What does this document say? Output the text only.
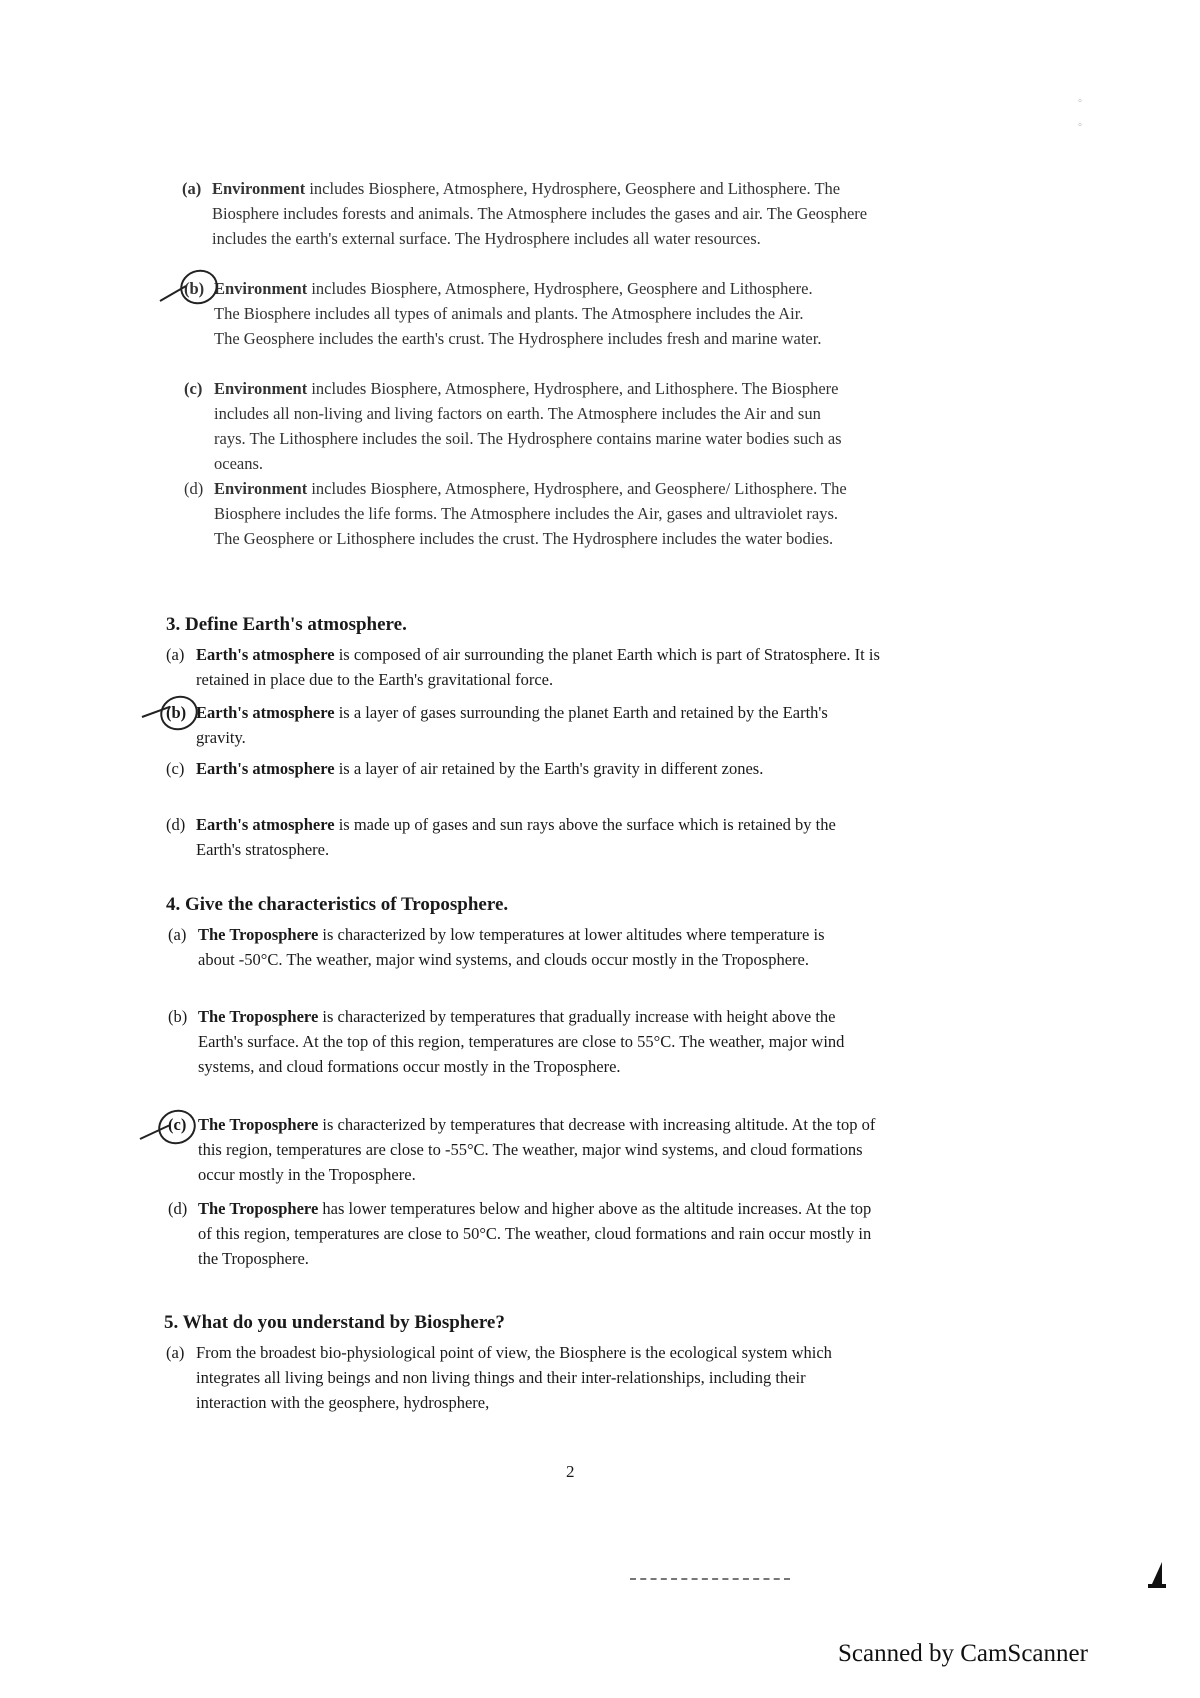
°
°
(a) Environment includes Biosphere, Atmosphere, Hydrosphere, Geosphere and Lithosphere. The Biosphere includes forests and animals. The Atmosphere includes the gases and air. The Geosphere includes the earth's external surface. The Hydrosphere includes all water resources.
(b) Environment includes Biosphere, Atmosphere, Hydrosphere, Geosphere and Lithosphere. The Biosphere includes all types of animals and plants. The Atmosphere includes the Air. The Geosphere includes the earth's crust. The Hydrosphere includes fresh and marine water.
(c) Environment includes Biosphere, Atmosphere, Hydrosphere, and Lithosphere. The Biosphere includes all non-living and living factors on earth. The Atmosphere includes the Air and sun rays. The Lithosphere includes the soil. The Hydrosphere contains marine water bodies such as oceans.
(d) Environment includes Biosphere, Atmosphere, Hydrosphere, and Geosphere/ Lithosphere. The Biosphere includes the life forms. The Atmosphere includes the Air, gases and ultraviolet rays. The Geosphere or Lithosphere includes the crust. The Hydrosphere includes the water bodies.
3. Define Earth's atmosphere.
(a) Earth's atmosphere is composed of air surrounding the planet Earth which is part of Stratosphere. It is retained in place due to the Earth's gravitational force.
(b) Earth's atmosphere is a layer of gases surrounding the planet Earth and retained by the Earth's gravity.
(c) Earth's atmosphere is a layer of air retained by the Earth's gravity in different zones.
(d) Earth's atmosphere is made up of gases and sun rays above the surface which is retained by the Earth's stratosphere.
4. Give the characteristics of Troposphere.
(a) The Troposphere is characterized by low temperatures at lower altitudes where temperature is about -50°C. The weather, major wind systems, and clouds occur mostly in the Troposphere.
(b) The Troposphere is characterized by temperatures that gradually increase with height above the Earth's surface. At the top of this region, temperatures are close to 55°C. The weather, major wind systems, and cloud formations occur mostly in the Troposphere.
(c) The Troposphere is characterized by temperatures that decrease with increasing altitude. At the top of this region, temperatures are close to -55°C. The weather, major wind systems, and cloud formations occur mostly in the Troposphere.
(d) The Troposphere has lower temperatures below and higher above as the altitude increases. At the top of this region, temperatures are close to 50°C. The weather, cloud formations and rain occur mostly in the Troposphere.
5. What do you understand by Biosphere?
(a) From the broadest bio-physiological point of view, the Biosphere is the ecological system which integrates all living beings and non living things and their inter-relationships, including their interaction with the geosphere, hydrosphere,
2
Scanned by CamScanner
